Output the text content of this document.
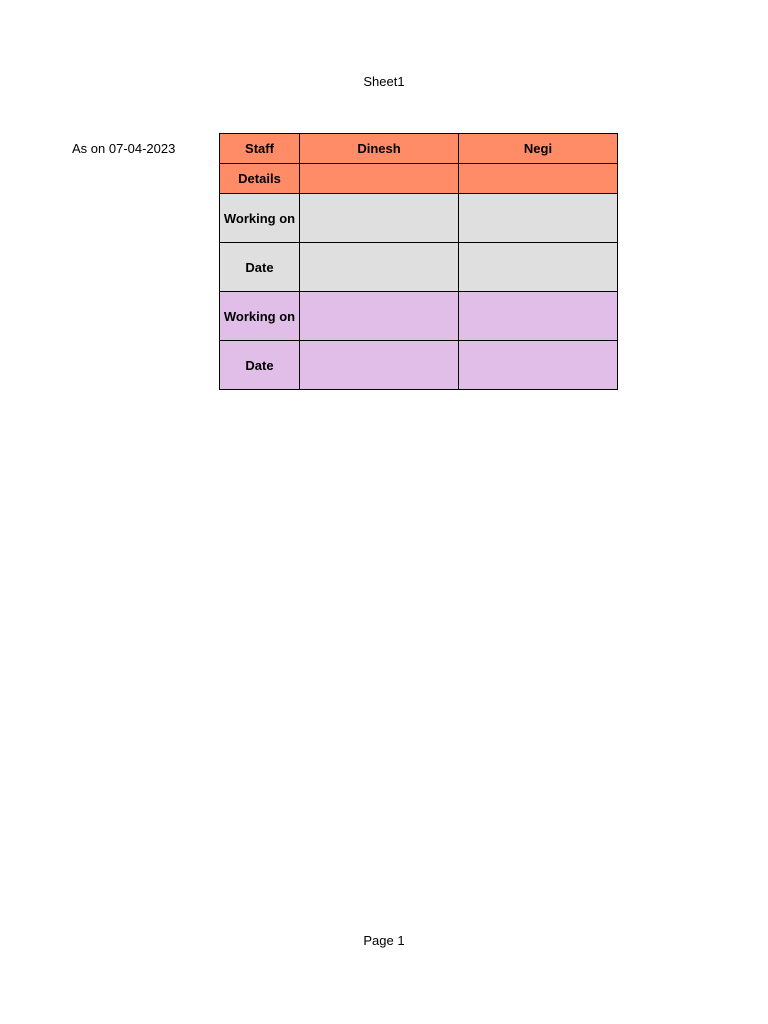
Sheet1
As on 07-04-2023	Staff	Dinesh	Negi
Details		
Working on		
Date		
Working on		
Date		
Page 1
